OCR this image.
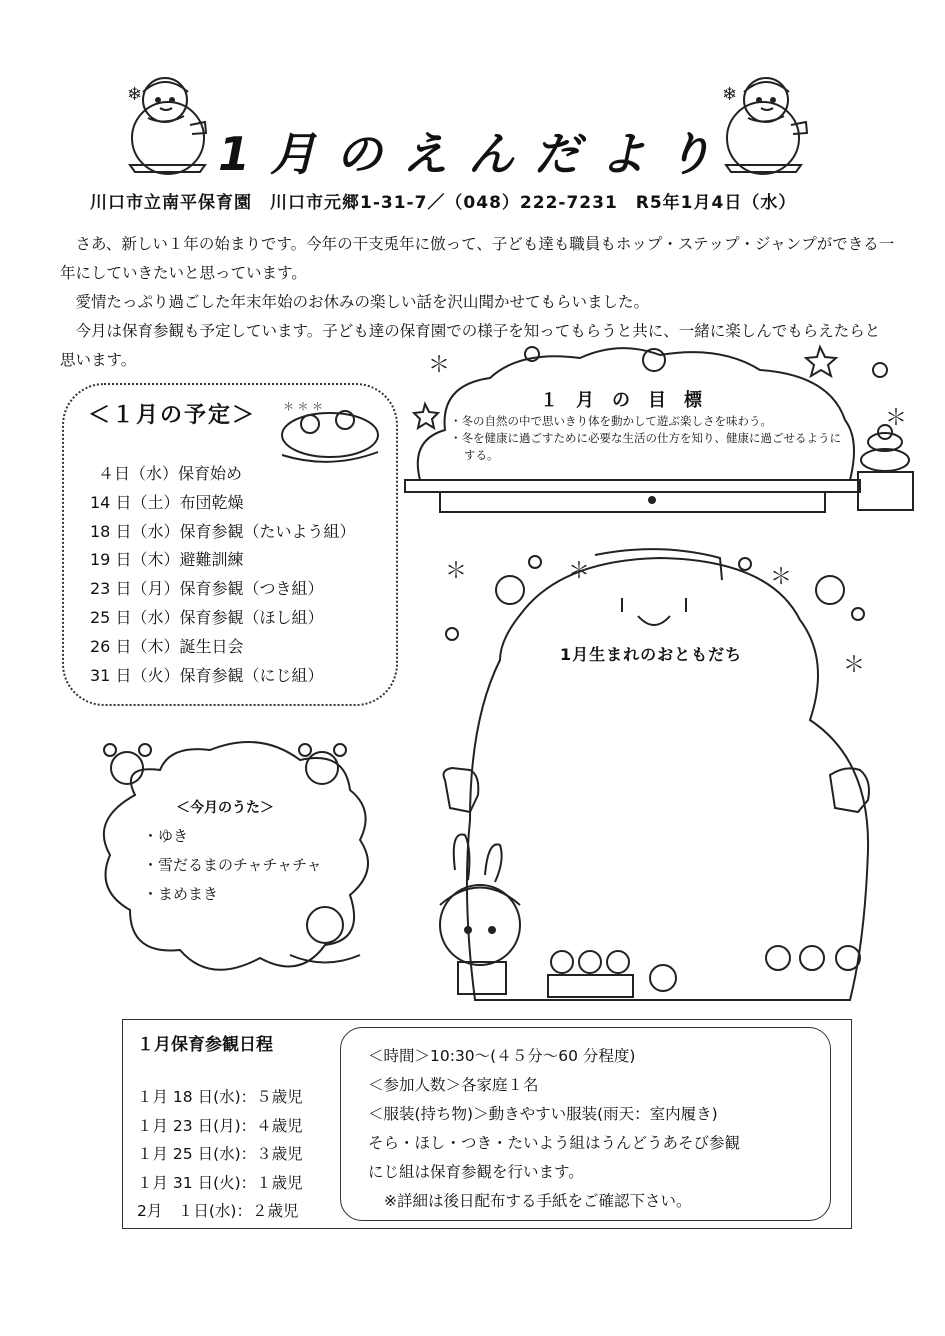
❄	❄
＊ ＊ ＊
＊
＊
＊	＊	＊
＊
1月のえんだより
川口市立南平保育園　川口市元郷1-31-7／（048）222-7231　R5年1月4日（水）

さあ、新しい１年の始まりです。今年の干支兎年に倣って、子ども達も職員もホップ・ステップ・ジャンプができる一年にしていきたいと思っています。

愛情たっぷり過ごした年末年始のお休みの楽しい話を沢山聞かせてもらいました。

今月は保育参観も予定しています。子ども達の保育園での様子を知ってもらうと共に、一緒に楽しんでもらえたらと思います。

＜１月の予定＞
４日（水）保育始め
14 日（土）布団乾燥
18 日（水）保育参観（たいよう組）
19 日（木）避難訓練
23 日（月）保育参観（つき組）
25 日（水）保育参観（ほし組）
26 日（木）誕生日会
31 日（火）保育参観（にじ組）
１月の目標
・冬の自然の中で思いきり体を動かして遊ぶ楽しさを味わう。
・冬を健康に過ごすために必要な生活の仕方を知り、健康に過ごせるようにする。
1月生まれのおともだち
＜今月のうた＞
・ゆき
・雪だるまのチャチャチャ
・まめまき
１月保育参観日程
１月 18 日(水)：５歳児
１月 23 日(月)：４歳児
１月 25 日(水)：３歳児
１月 31 日(火)：１歳児
2月　１日(水)：２歳児
＜時間＞10:30～(４５分～60 分程度)
＜参加人数＞各家庭１名
＜服装(持ち物)＞動きやすい服装(雨天：室内履き)
そら・ほし・つき・たいよう組はうんどうあそび参観
にじ組は保育参観を行います。
※詳細は後日配布する手紙をご確認下さい。
